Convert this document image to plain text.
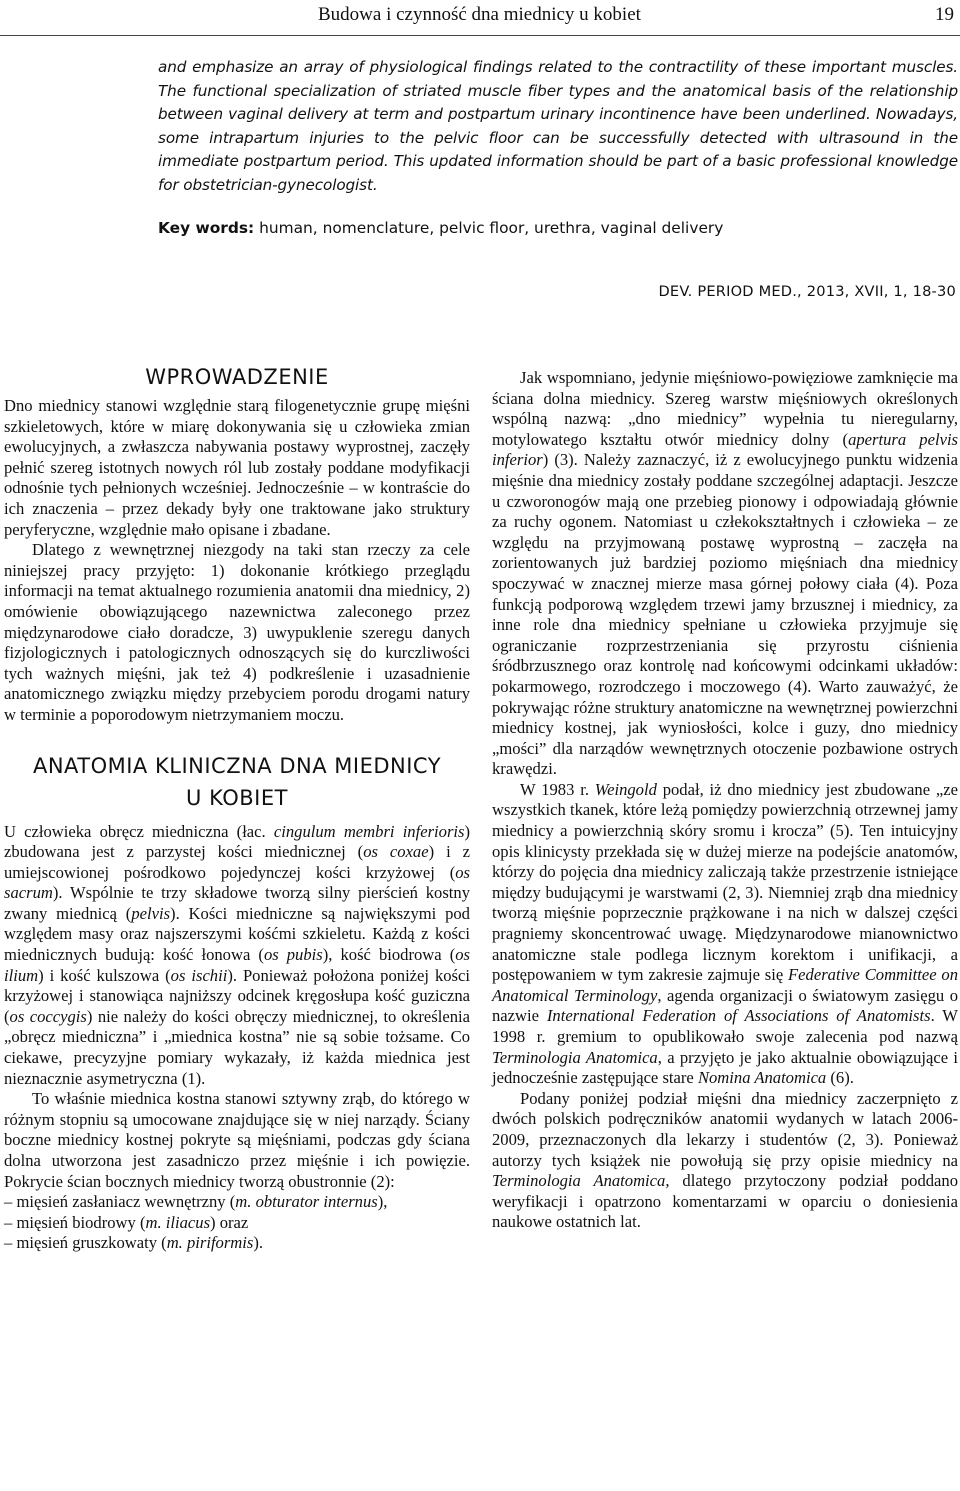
Budowa i czynność dna miednicy u kobiet	19

and emphasize an array of physiological findings related to the contractility of these important muscles. The functional specialization of striated muscle fiber types and the anatomical basis of the relationship between vaginal delivery at term and postpartum urinary incontinence have been underlined. Nowadays, some intrapartum injuries to the pelvic floor can be successfully detected with ultrasound in the immediate postpartum period. This updated information should be part of a basic professional knowledge for obstetrician-gynecologist.

Key words: human, nomenclature, pelvic floor, urethra, vaginal delivery

DEV. PERIOD MED., 2013, XVII, 1, 18-30
WPROWADZENIE

Dno miednicy stanowi względnie starą filogenetycznie grupę mięśni szkieletowych, które w miarę dokonywania się u człowieka zmian ewolucyjnych, a zwłaszcza nabywania postawy wyprostnej, zaczęły pełnić szereg istotnych nowych ról lub zostały poddane modyfikacji odnośnie tych pełnionych wcześniej. Jednocześnie – w kontraście do ich znaczenia – przez dekady były one traktowane jako struktury peryferyczne, względnie mało opisane i zbadane.

Dlatego z wewnętrznej niezgody na taki stan rzeczy za cele niniejszej pracy przyjęto: 1) dokonanie krótkiego przeglądu informacji na temat aktualnego rozumienia anatomii dna miednicy, 2) omówienie obowiązującego nazewnictwa zaleconego przez międzynarodowe ciało doradcze, 3) uwypuklenie szeregu danych fizjologicznych i patologicznych odnoszących się do kurczliwości tych ważnych mięśni, jak też 4) podkreślenie i uzasadnienie anatomicznego związku między przebyciem porodu drogami natury w terminie a poporodowym nietrzymaniem moczu.

ANATOMIA KLINICZNA DNA MIEDNICY
U KOBIET

U człowieka obręcz miedniczna (łac. cingulum membri inferioris) zbudowana jest z parzystej kości miednicznej (os coxae) i z umiejscowionej pośrodkowo pojedynczej kości krzyżowej (os sacrum). Wspólnie te trzy składowe tworzą silny pierścień kostny zwany miednicą (pelvis). Kości miedniczne są największymi pod względem masy oraz najszerszymi kośćmi szkieletu. Każdą z kości miednicznych budują: kość łonowa (os pubis), kość biodrowa (os ilium) i kość kulszowa (os ischii). Ponieważ położona poniżej kości krzyżowej i stanowiąca najniższy odcinek kręgosłupa kość guziczna (os coccygis) nie należy do kości obręczy miednicznej, to określenia „obręcz miedniczna” i „miednica kostna” nie są sobie tożsame. Co ciekawe, precyzyjne pomiary wykazały, iż każda miednica jest nieznacznie asymetryczna (1).

To właśnie miednica kostna stanowi sztywny zrąb, do którego w różnym stopniu są umocowane znajdujące się w niej narządy. Ściany boczne miednicy kostnej pokryte są mięśniami, podczas gdy ściana dolna utworzona jest zasadniczo przez mięśnie i ich powięzie. Pokrycie ścian bocznych miednicy tworzą obustronnie (2):

– mięsień zasłaniacz wewnętrzny (m. obturator internus),
– mięsień biodrowy (m. iliacus) oraz
– mięsień gruszkowaty (m. piriformis).

Jak wspomniano, jedynie mięśniowo-powięziowe zamknięcie ma ściana dolna miednicy. Szereg warstw mięśniowych określonych wspólną nazwą: „dno miednicy” wypełnia tu nieregularny, motylowatego kształtu otwór miednicy dolny (apertura pelvis inferior) (3). Należy zaznaczyć, iż z ewolucyjnego punktu widzenia mięśnie dna miednicy zostały poddane szczególnej adaptacji. Jeszcze u czworonogów mają one przebieg pionowy i odpowiadają głównie za ruchy ogonem. Natomiast u człekokształtnych i człowieka – ze względu na przyjmowaną postawę wyprostną – zaczęła na zorientowanych już bardziej poziomo mięśniach dna miednicy spoczywać w znacznej mierze masa górnej połowy ciała (4). Poza funkcją podporową względem trzewi jamy brzusznej i miednicy, za inne role dna miednicy spełniane u człowieka przyjmuje się ograniczanie rozprzestrzeniania się przyrostu ciśnienia śródbrzusznego oraz kontrolę nad końcowymi odcinkami układów: pokarmowego, rozrodczego i moczowego (4). Warto zauważyć, że pokrywając różne struktury anatomiczne na wewnętrznej powierzchni miednicy kostnej, jak wyniosłości, kolce i guzy, dno miednicy „mości” dla narządów wewnętrznych otoczenie pozbawione ostrych krawędzi.

W 1983 r. Weingold podał, iż dno miednicy jest zbudowane „ze wszystkich tkanek, które leżą pomiędzy powierzchnią otrzewnej jamy miednicy a powierzchnią skóry sromu i krocza” (5). Ten intuicyjny opis klinicysty przekłada się w dużej mierze na podejście anatomów, którzy do pojęcia dna miednicy zaliczają także przestrzenie istniejące między budującymi je warstwami (2, 3). Niemniej zrąb dna miednicy tworzą mięśnie poprzecznie prążkowane i na nich w dalszej części pragniemy skoncentrować uwagę. Międzynarodowe mianownictwo anatomiczne stale podlega licznym korektom i unifikacji, a postępowaniem w tym zakresie zajmuje się Federative Committee on Anatomical Terminology, agenda organizacji o światowym zasięgu o nazwie International Federation of Associations of Anatomists. W 1998 r. gremium to opublikowało swoje zalecenia pod nazwą Terminologia Anatomica, a przyjęto je jako aktualnie obowiązujące i jednocześnie zastępujące stare Nomina Anatomica (6).

Podany poniżej podział mięśni dna miednicy zaczerpnięto z dwóch polskich podręczników anatomii wydanych w latach 2006-2009, przeznaczonych dla lekarzy i studentów (2, 3). Ponieważ autorzy tych książek nie powołują się przy opisie miednicy na Terminologia Anatomica, dlatego przytoczony podział poddano weryfikacji i opatrzono komentarzami w oparciu o doniesienia naukowe ostatnich lat.
